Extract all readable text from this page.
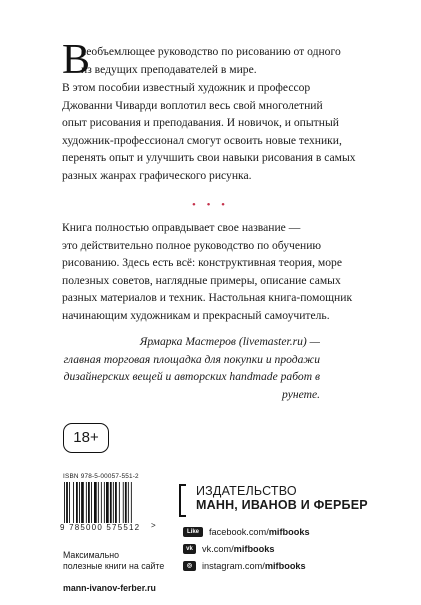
В
сеобъемлющее руководство по рисованию от одного
из ведущих преподавателей в мире.

В этом пособии известный художник и профессор
Джованни Чиварди воплотил весь свой многолетний
опыт рисования и преподавания. И новичок, и опытный
художник-профессионал смогут освоить новые техники,
перенять опыт и улучшить свои навыки рисования в самых
разных жанрах графического рисунка.

• • •

Книга полностью оправдывает свое название —
это действительно полное руководство по обучению
рисованию. Здесь есть всё: конструктивная теория, море
полезных советов, наглядные примеры, описание самых
разных материалов и техник. Настольная книга-помощник
начинающим художникам и прекрасный самоучитель.

Ярмарка Мастеров (livemaster.ru) —
главная торговая площадка для покупки и продажи
дизайнерских вещей и авторских handmade работ в рунете.
18+
ISBN 978-5-00057-551-2
9 785000 575512 >

Максимально
полезные книги на сайте

mann-ivanov-ferber.ru

ИЗДАТЕЛЬСТВО
МАНН, ИВАНОВ И ФЕРБЕР
Like	facebook.com/ mifbooks
vk vk.com/ mifbooks
◎	instagram.com/ mifbooks
